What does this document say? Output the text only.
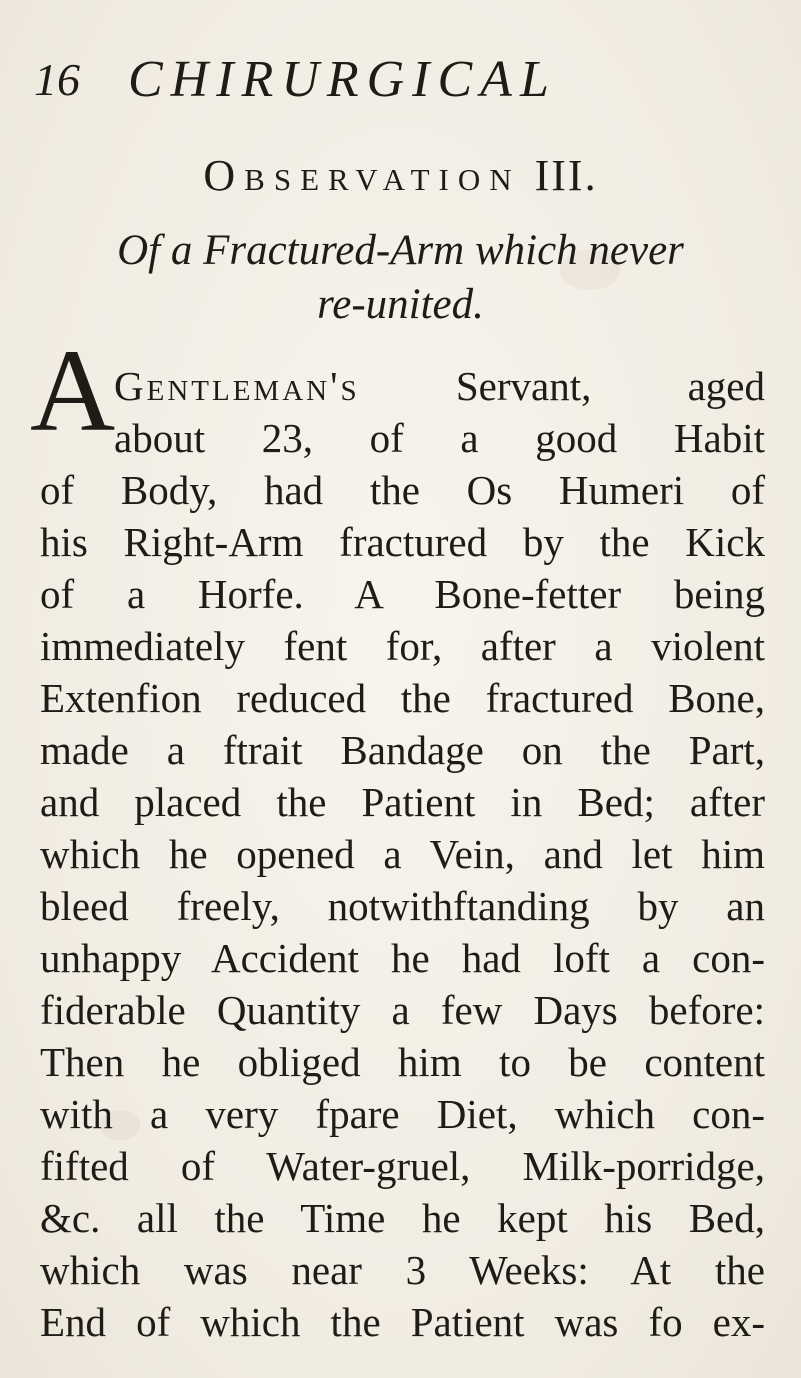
16 CHIRURGICAL
Observation III.
Of a Fractured-Arm which never
re-united.
A
Gentleman's Servant, aged
about 23, of a good Habit
of Body, had the Os Humeri of
his Right-Arm fractured by the Kick
of a Horfe. A Bone-fetter being
immediately fent for, after a violent
Extenfion reduced the fractured Bone,
made a ftrait Bandage on the Part,
and placed the Patient in Bed; after
which he opened a Vein, and let him
bleed freely, notwithftanding by an
unhappy Accident he had loft a con-
fiderable Quantity a few Days before:
Then he obliged him to be content
with a very fpare Diet, which con-
fifted of Water-gruel, Milk-porridge,
&c. all the Time he kept his Bed,
which was near 3 Weeks: At the
End of which the Patient was fo ex-
